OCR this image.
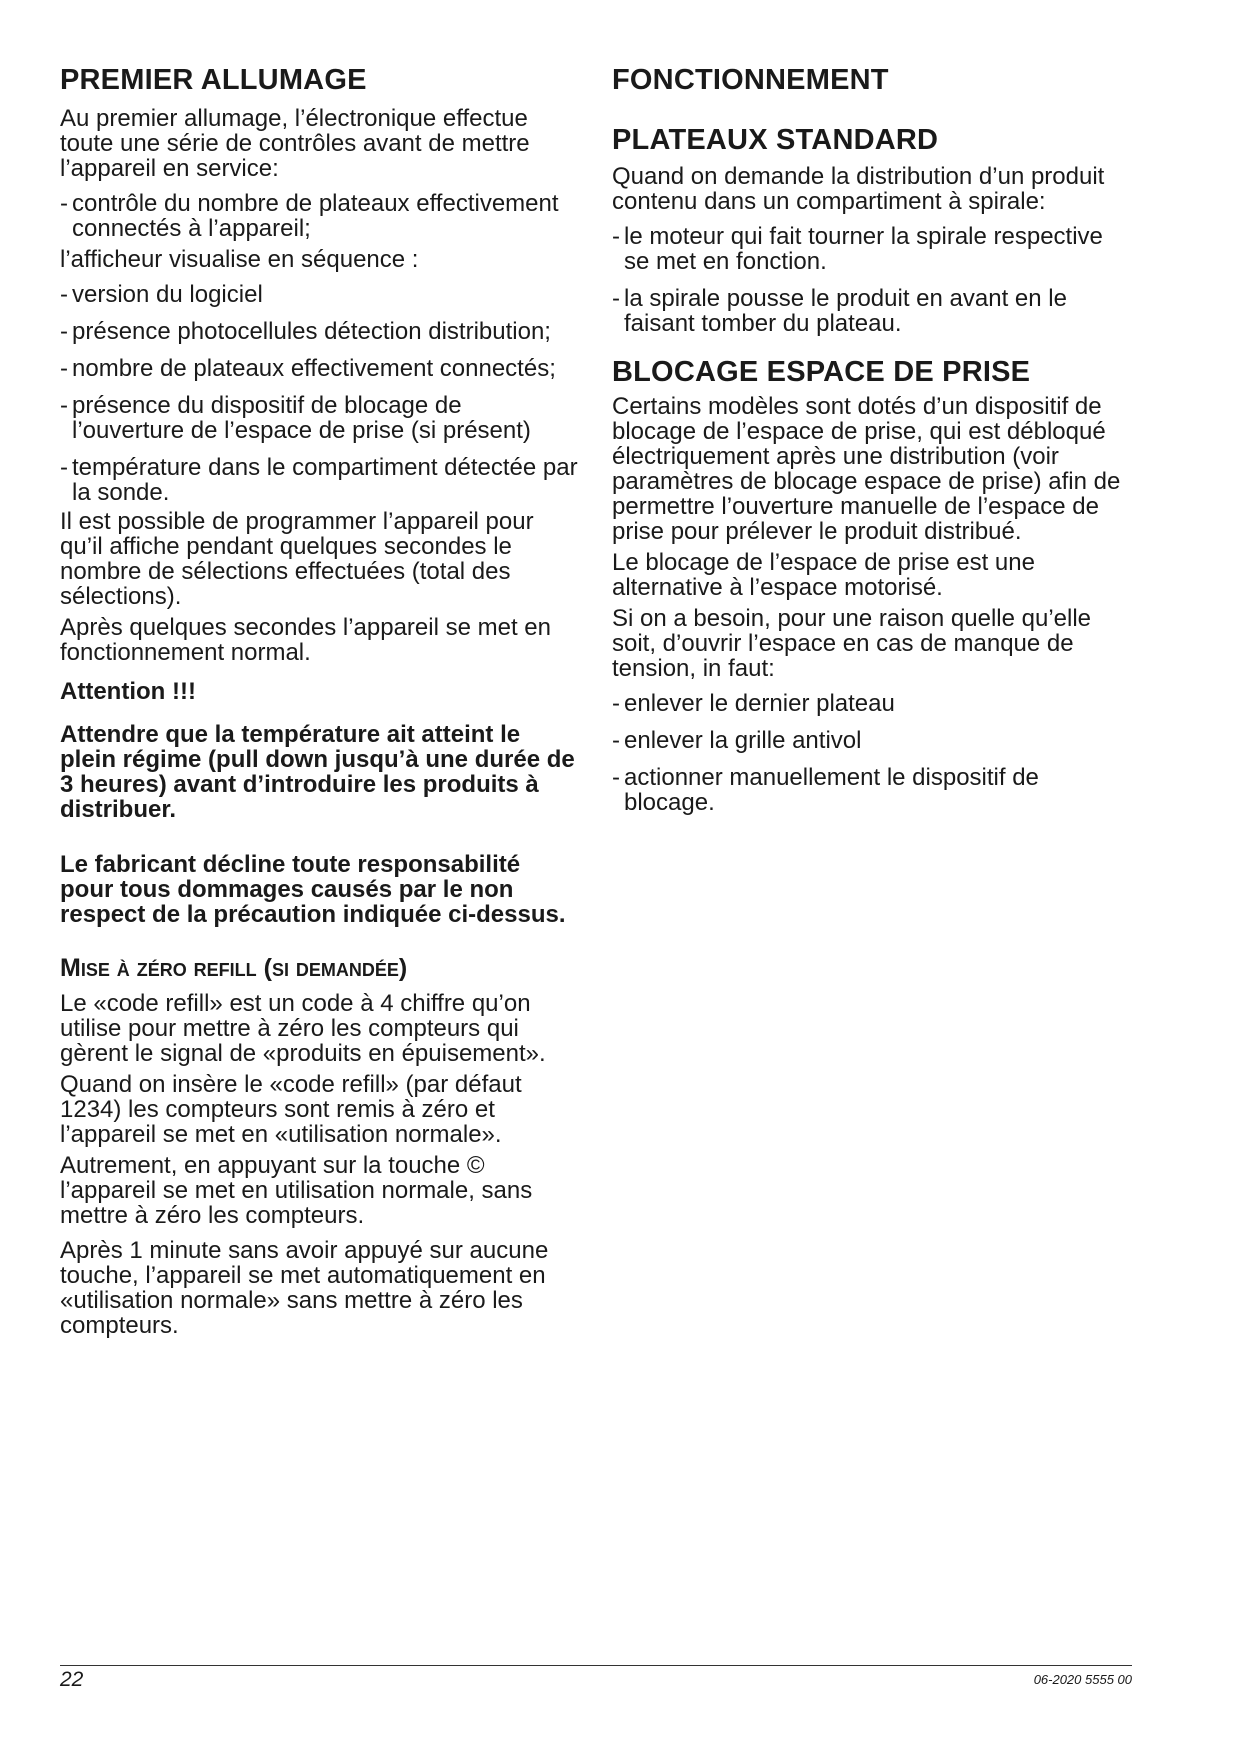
PREMIER ALLUMAGE

Au premier allumage, l’électronique effectue toute une série de contrôles avant de mettre l’appareil en service:

- contrôle du nombre de plateaux effectivement connectés à l’appareil;

l’afficheur visualise en séquence :

- version du logiciel
- présence photocellules détection distribution;
- nombre de plateaux effectivement connectés;
- présence du dispositif de blocage de l’ouverture de l’espace de prise (si présent)
- température dans le compartiment détectée par la sonde.

Il est possible de programmer l’appareil pour qu’il affiche pendant quelques secondes le nombre de sélections effectuées (total des sélections).

Après quelques secondes l’appareil se met en fonctionnement normal.

Attention !!!

Attendre que la température ait atteint le plein régime (pull down jusqu’à une durée de 3 heures) avant d’introduire les produits à distribuer.

Le fabricant décline toute responsabilité pour tous dommages causés par le non respect de la précaution indiquée ci-dessus.

Mise à zéro refill (si demandée)

Le «code refill» est un code à 4 chiffre qu’on utilise pour mettre à zéro les compteurs qui gèrent le signal de «produits en épuisement».

Quand on insère le «code refill» (par défaut 1234) les compteurs sont remis à zéro et l’appareil se met en «utilisation normale».

Autrement, en appuyant sur la touche © l’appareil se met en utilisation normale, sans mettre à zéro les compteurs.

Après 1 minute sans avoir appuyé sur aucune touche, l’appareil se met automatiquement en «utilisation normale» sans mettre à zéro les compteurs.

FONCTIONNEMENT
PLATEAUX STANDARD

Quand on demande la distribution d’un produit contenu dans un compartiment à spirale:

- le moteur qui fait tourner la spirale respective se met en fonction.
- la spirale pousse le produit en avant en le faisant tomber du plateau.
BLOCAGE ESPACE DE PRISE

Certains modèles sont dotés d’un dispositif de blocage de l’espace de prise, qui est débloqué électriquement après une distribution (voir paramètres de blocage espace de prise) afin de permettre l’ouverture manuelle de l’espace de prise pour prélever le produit distribué.

Le blocage de l’espace de prise est une alternative à l’espace motorisé.

Si on a besoin, pour une raison quelle qu’elle soit, d’ouvrir l’espace en cas de manque de tension, in faut:

- enlever le dernier plateau
- enlever la grille antivol
- actionner manuellement le dispositif de blocage.
22	06-2020 5555 00
